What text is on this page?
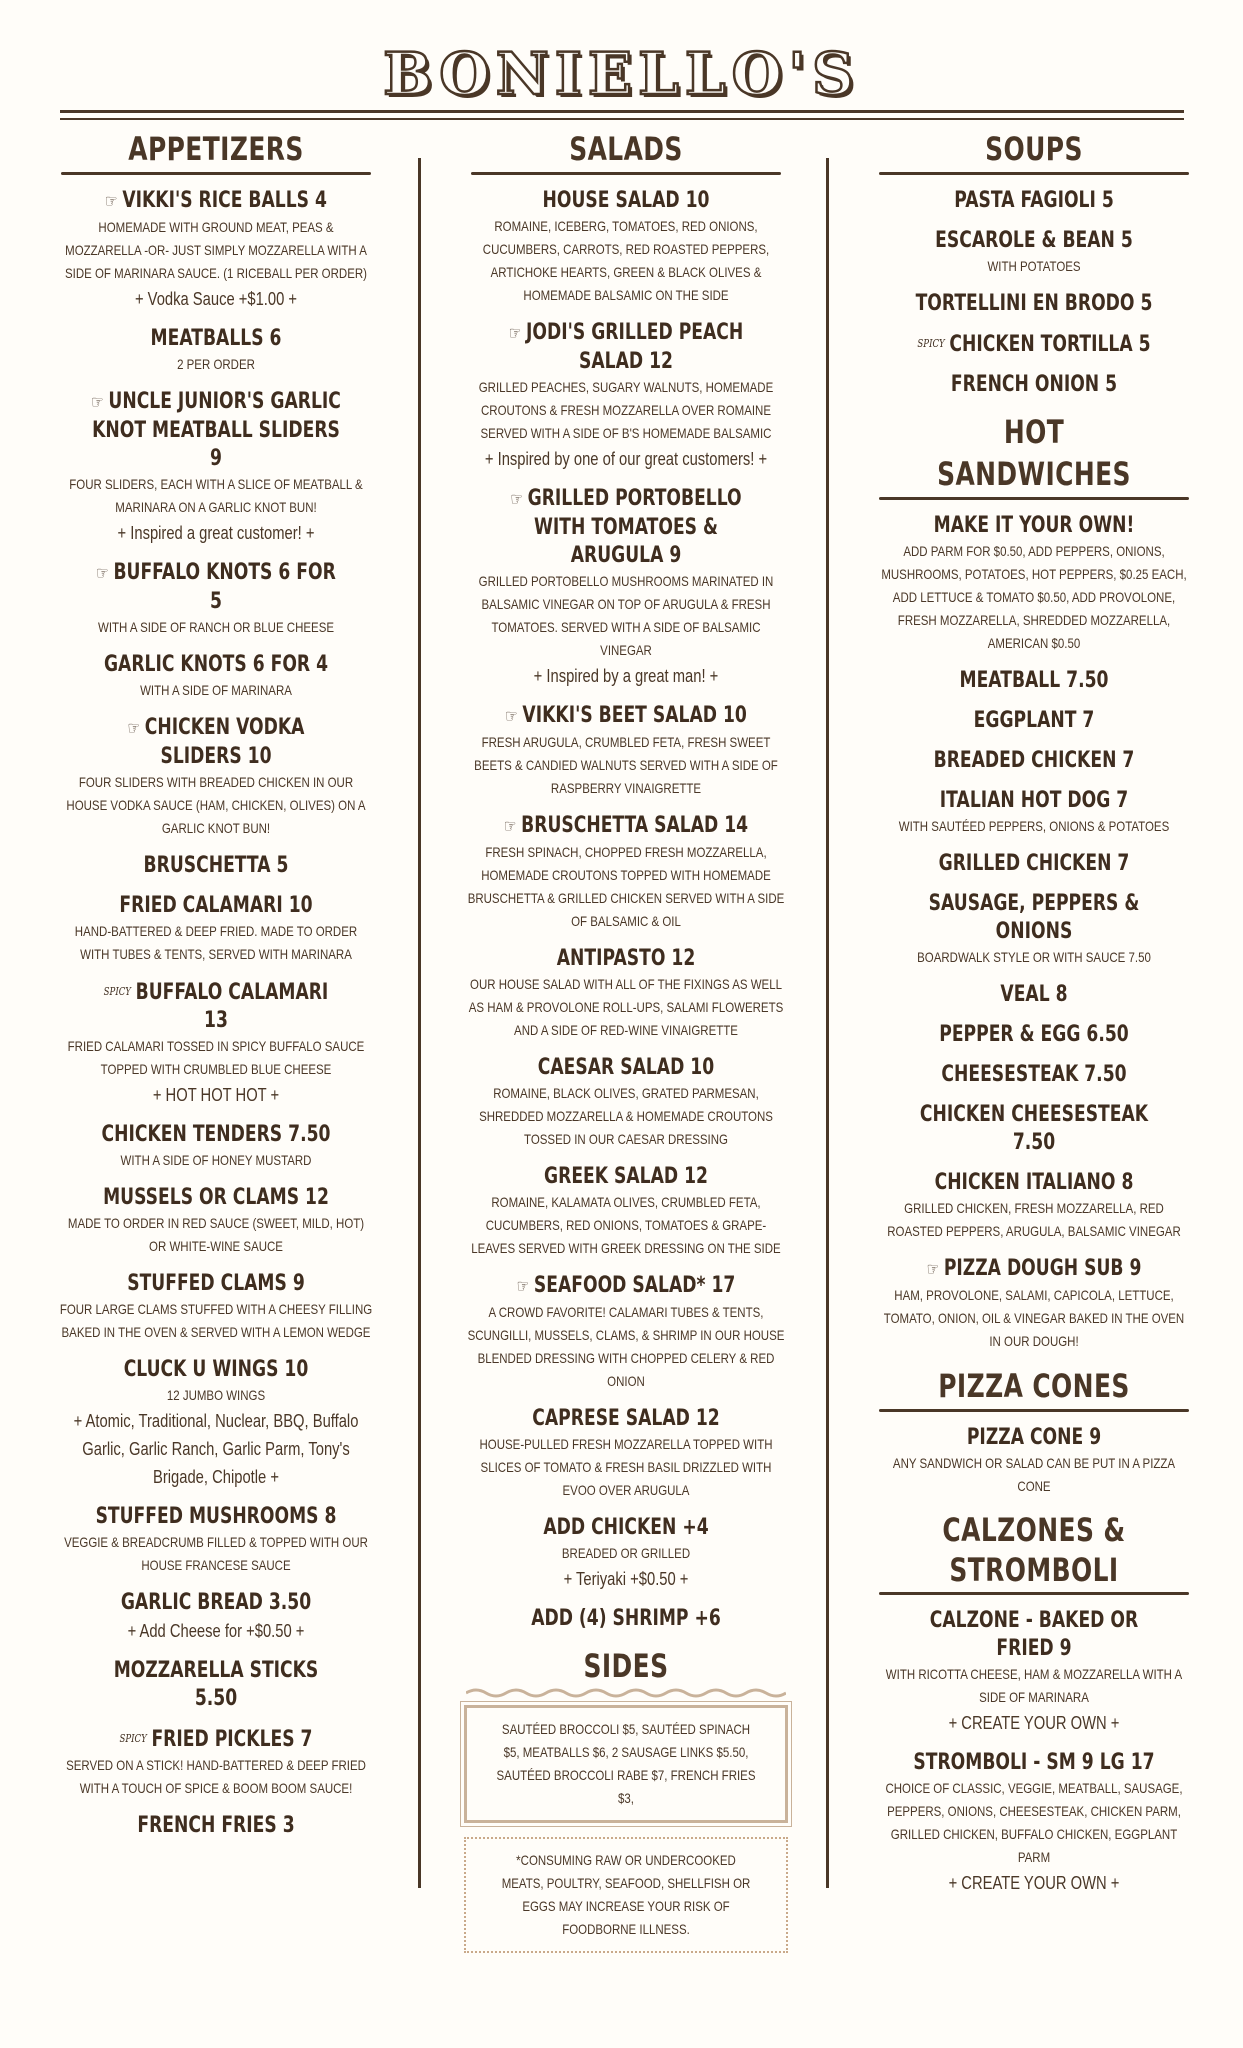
BONIELLO'S
APPETIZERS
☞ VIKKI'S RICE BALLS 4
HOMEMADE WITH GROUND MEAT, PEAS & MOZZARELLA -OR- JUST SIMPLY MOZZARELLA WITH A SIDE OF MARINARA SAUCE. (1 RICEBALL PER ORDER)
+ Vodka Sauce +$1.00 +
MEATBALLS 6
2 PER ORDER
☞ UNCLE JUNIOR'S GARLIC KNOT MEATBALL SLIDERS 9
FOUR SLIDERS, EACH WITH A SLICE OF MEATBALL & MARINARA ON A GARLIC KNOT BUN!
+ Inspired a great customer! +
☞ BUFFALO KNOTS 6 FOR 5
WITH A SIDE OF RANCH OR BLUE CHEESE
GARLIC KNOTS 6 FOR 4
WITH A SIDE OF MARINARA
☞ CHICKEN VODKA SLIDERS 10
FOUR SLIDERS WITH BREADED CHICKEN IN OUR HOUSE VODKA SAUCE (HAM, CHICKEN, OLIVES) ON A GARLIC KNOT BUN!
BRUSCHETTA 5
FRIED CALAMARI 10
HAND-BATTERED & DEEP FRIED. MADE TO ORDER WITH TUBES & TENTS, SERVED WITH MARINARA
SPICY BUFFALO CALAMARI 13
FRIED CALAMARI TOSSED IN SPICY BUFFALO SAUCE TOPPED WITH CRUMBLED BLUE CHEESE
+ HOT HOT HOT +
CHICKEN TENDERS 7.50
WITH A SIDE OF HONEY MUSTARD
MUSSELS OR CLAMS 12
MADE TO ORDER IN RED SAUCE (SWEET, MILD, HOT) OR WHITE-WINE SAUCE
STUFFED CLAMS 9
FOUR LARGE CLAMS STUFFED WITH A CHEESY FILLING BAKED IN THE OVEN & SERVED WITH A LEMON WEDGE
CLUCK U WINGS 10
12 JUMBO WINGS
+ Atomic, Traditional, Nuclear, BBQ, Buffalo Garlic, Garlic Ranch, Garlic Parm, Tony's Brigade, Chipotle +
STUFFED MUSHROOMS 8
VEGGIE & BREADCRUMB FILLED & TOPPED WITH OUR HOUSE FRANCESE SAUCE
GARLIC BREAD 3.50
+ Add Cheese for +$0.50 +
MOZZARELLA STICKS 5.50
SPICY FRIED PICKLES 7
SERVED ON A STICK! HAND-BATTERED & DEEP FRIED WITH A TOUCH OF SPICE & BOOM BOOM SAUCE!
FRENCH FRIES 3
SALADS
HOUSE SALAD 10
ROMAINE, ICEBERG, TOMATOES, RED ONIONS, CUCUMBERS, CARROTS, RED ROASTED PEPPERS, ARTICHOKE HEARTS, GREEN & BLACK OLIVES & HOMEMADE BALSAMIC ON THE SIDE
☞ JODI'S GRILLED PEACH SALAD 12
GRILLED PEACHES, SUGARY WALNUTS, HOMEMADE CROUTONS & FRESH MOZZARELLA OVER ROMAINE SERVED WITH A SIDE OF B'S HOMEMADE BALSAMIC
+ Inspired by one of our great customers! +
☞ GRILLED PORTOBELLO WITH TOMATOES & ARUGULA 9
GRILLED PORTOBELLO MUSHROOMS MARINATED IN BALSAMIC VINEGAR ON TOP OF ARUGULA & FRESH TOMATOES. SERVED WITH A SIDE OF BALSAMIC VINEGAR
+ Inspired by a great man! +
☞ VIKKI'S BEET SALAD 10
FRESH ARUGULA, CRUMBLED FETA, FRESH SWEET BEETS & CANDIED WALNUTS SERVED WITH A SIDE OF RASPBERRY VINAIGRETTE
☞ BRUSCHETTA SALAD 14
FRESH SPINACH, CHOPPED FRESH MOZZARELLA, HOMEMADE CROUTONS TOPPED WITH HOMEMADE BRUSCHETTA & GRILLED CHICKEN SERVED WITH A SIDE OF BALSAMIC & OIL
ANTIPASTO 12
OUR HOUSE SALAD WITH ALL OF THE FIXINGS AS WELL AS HAM & PROVOLONE ROLL-UPS, SALAMI FLOWERETS AND A SIDE OF RED-WINE VINAIGRETTE
CAESAR SALAD 10
ROMAINE, BLACK OLIVES, GRATED PARMESAN, SHREDDED MOZZARELLA & HOMEMADE CROUTONS TOSSED IN OUR CAESAR DRESSING
GREEK SALAD 12
ROMAINE, KALAMATA OLIVES, CRUMBLED FETA, CUCUMBERS, RED ONIONS, TOMATOES & GRAPE-LEAVES SERVED WITH GREEK DRESSING ON THE SIDE
☞ SEAFOOD SALAD* 17
A CROWD FAVORITE! CALAMARI TUBES & TENTS, SCUNGILLI, MUSSELS, CLAMS, & SHRIMP IN OUR HOUSE BLENDED DRESSING WITH CHOPPED CELERY & RED ONION
CAPRESE SALAD 12
HOUSE-PULLED FRESH MOZZARELLA TOPPED WITH SLICES OF TOMATO & FRESH BASIL DRIZZLED WITH EVOO OVER ARUGULA
ADD CHICKEN +4
BREADED OR GRILLED
+ Teriyaki +$0.50 +
ADD (4) SHRIMP +6
SIDES
SAUTÉED BROCCOLI $5, SAUTÉED SPINACH $5, MEATBALLS $6, 2 SAUSAGE LINKS $5.50, SAUTÉED BROCCOLI RABE $7, FRENCH FRIES $3,
*CONSUMING RAW OR UNDERCOOKED MEATS, POULTRY, SEAFOOD, SHELLFISH OR EGGS MAY INCREASE YOUR RISK OF FOODBORNE ILLNESS.
SOUPS
PASTA FAGIOLI 5
ESCAROLE & BEAN 5
WITH POTATOES
TORTELLINI EN BRODO 5
SPICY CHICKEN TORTILLA 5
FRENCH ONION 5
HOT SANDWICHES
MAKE IT YOUR OWN!
ADD PARM FOR $0.50, ADD PEPPERS, ONIONS, MUSHROOMS, POTATOES, HOT PEPPERS, $0.25 EACH, ADD LETTUCE & TOMATO $0.50, ADD PROVOLONE, FRESH MOZZARELLA, SHREDDED MOZZARELLA, AMERICAN $0.50
MEATBALL 7.50
EGGPLANT 7
BREADED CHICKEN 7
ITALIAN HOT DOG 7
WITH SAUTÉED PEPPERS, ONIONS & POTATOES
GRILLED CHICKEN 7
SAUSAGE, PEPPERS & ONIONS
BOARDWALK STYLE OR WITH SAUCE 7.50
VEAL 8
PEPPER & EGG 6.50
CHEESESTEAK 7.50
CHICKEN CHEESESTEAK 7.50
CHICKEN ITALIANO 8
GRILLED CHICKEN, FRESH MOZZARELLA, RED ROASTED PEPPERS, ARUGULA, BALSAMIC VINEGAR
☞ PIZZA DOUGH SUB 9
HAM, PROVOLONE, SALAMI, CAPICOLA, LETTUCE, TOMATO, ONION, OIL & VINEGAR BAKED IN THE OVEN IN OUR DOUGH!
PIZZA CONES
PIZZA CONE 9
ANY SANDWICH OR SALAD CAN BE PUT IN A PIZZA CONE
CALZONES & STROMBOLI
CALZONE - BAKED OR FRIED 9
WITH RICOTTA CHEESE, HAM & MOZZARELLA WITH A SIDE OF MARINARA
+ CREATE YOUR OWN +
STROMBOLI - SM 9 LG 17
CHOICE OF CLASSIC, VEGGIE, MEATBALL, SAUSAGE, PEPPERS, ONIONS, CHEESESTEAK, CHICKEN PARM, GRILLED CHICKEN, BUFFALO CHICKEN, EGGPLANT PARM
+ CREATE YOUR OWN +
